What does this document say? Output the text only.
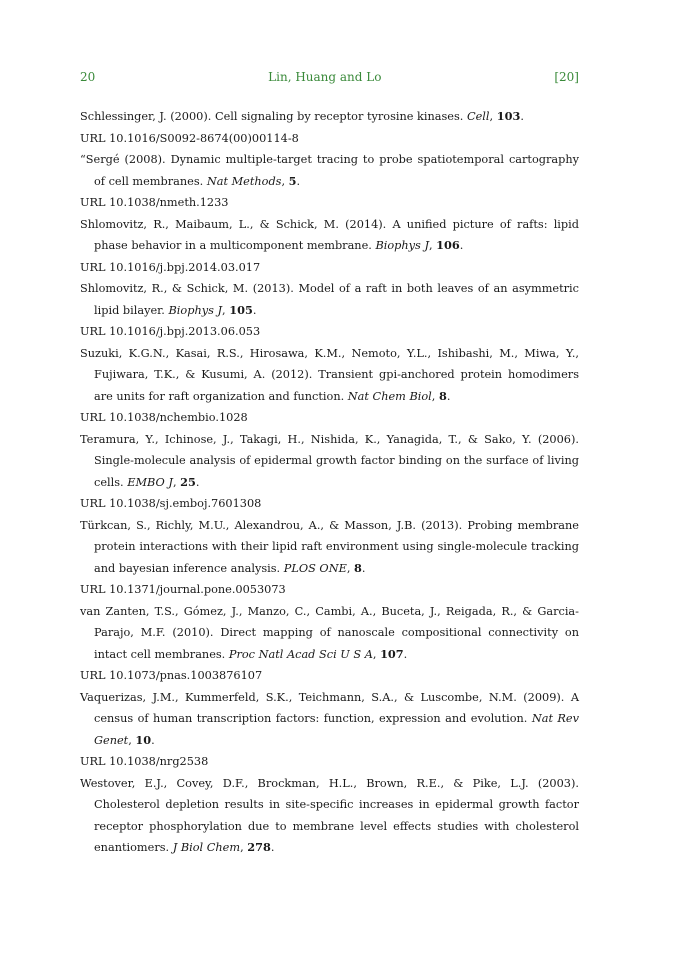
20	Lin, Huang and Lo	[20]

Schlessinger, J. (2000). Cell signaling by receptor tyrosine kinases. Cell, 103.

URL 10.1016/S0092-8674(00)00114-8

“Sergé (2008). Dynamic multiple-target tracing to probe spatiotemporal cartography of cell membranes. Nat Methods, 5.

URL 10.1038/nmeth.1233

Shlomovitz, R., Maibaum, L., & Schick, M. (2014). A unified picture of rafts: lipid phase behavior in a multicomponent membrane. Biophys J, 106.

URL 10.1016/j.bpj.2014.03.017

Shlomovitz, R., & Schick, M. (2013). Model of a raft in both leaves of an asymmetric lipid bilayer. Biophys J, 105.

URL 10.1016/j.bpj.2013.06.053

Suzuki, K.G.N., Kasai, R.S., Hirosawa, K.M., Nemoto, Y.L., Ishibashi, M., Miwa, Y., Fujiwara, T.K., & Kusumi, A. (2012). Transient gpi-anchored protein homodimers are units for raft organization and function. Nat Chem Biol, 8.

URL 10.1038/nchembio.1028

Teramura, Y., Ichinose, J., Takagi, H., Nishida, K., Yanagida, T., & Sako, Y. (2006). Single-molecule analysis of epidermal growth factor binding on the surface of living cells. EMBO J, 25.

URL 10.1038/sj.emboj.7601308

Türkcan, S., Richly, M.U., Alexandrou, A., & Masson, J.B. (2013). Probing membrane protein interactions with their lipid raft environment using single-molecule tracking and bayesian inference analysis. PLOS ONE, 8.

URL 10.1371/journal.pone.0053073

van Zanten, T.S., Gómez, J., Manzo, C., Cambi, A., Buceta, J., Reigada, R., & Garcia-Parajo, M.F. (2010). Direct mapping of nanoscale compositional connectivity on intact cell membranes. Proc Natl Acad Sci U S A, 107.

URL 10.1073/pnas.1003876107

Vaquerizas, J.M., Kummerfeld, S.K., Teichmann, S.A., & Luscombe, N.M. (2009). A census of human transcription factors: function, expression and evolution. Nat Rev Genet, 10.

URL 10.1038/nrg2538

Westover, E.J., Covey, D.F., Brockman, H.L., Brown, R.E., & Pike, L.J. (2003). Cholesterol depletion results in site-specific increases in epidermal growth factor receptor phosphorylation due to membrane level effects studies with cholesterol enantiomers. J Biol Chem, 278.
